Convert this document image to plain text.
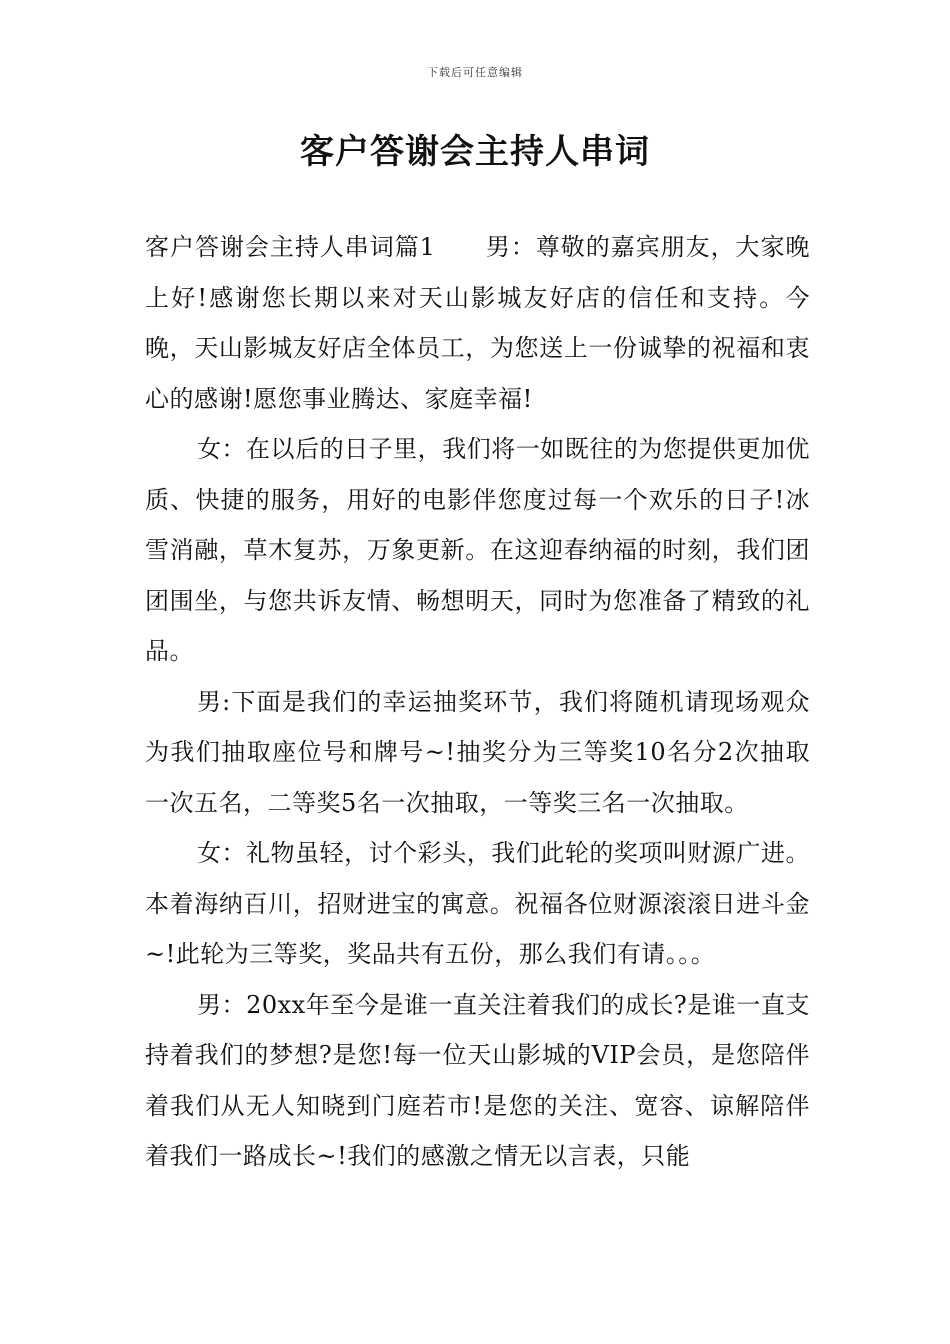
下载后可任意编辑
客户答谢会主持人串词

客户答谢会主持人串词篇1　　男：尊敬的嘉宾朋友，大家晚上好!感谢您长期以来对天山影城友好店的信任和支持。今晚，天山影城友好店全体员工，为您送上一份诚挚的祝福和衷心的感谢!愿您事业腾达、家庭幸福!

女：在以后的日子里，我们将一如既往的为您提供更加优质、快捷的服务，用好的电影伴您度过每一个欢乐的日子!冰雪消融，草木复苏，万象更新。在这迎春纳福的时刻，我们团团围坐，与您共诉友情、畅想明天，同时为您准备了精致的礼品。

男:下面是我们的幸运抽奖环节，我们将随机请现场观众为我们抽取座位号和牌号~!抽奖分为三等奖10名分2次抽取一次五名，二等奖5名一次抽取，一等奖三名一次抽取。

女：礼物虽轻，讨个彩头，我们此轮的奖项叫财源广进。本着海纳百川，招财进宝的寓意。祝福各位财源滚滚日进斗金~!此轮为三等奖，奖品共有五份，那么我们有请。。。

男：20xx年至今是谁一直关注着我们的成长?是谁一直支持着我们的梦想?是您!每一位天山影城的VIP会员，是您陪伴着我们从无人知晓到门庭若市!是您的关注、宽容、谅解陪伴着我们一路成长~!我们的感激之情无以言表，只能
